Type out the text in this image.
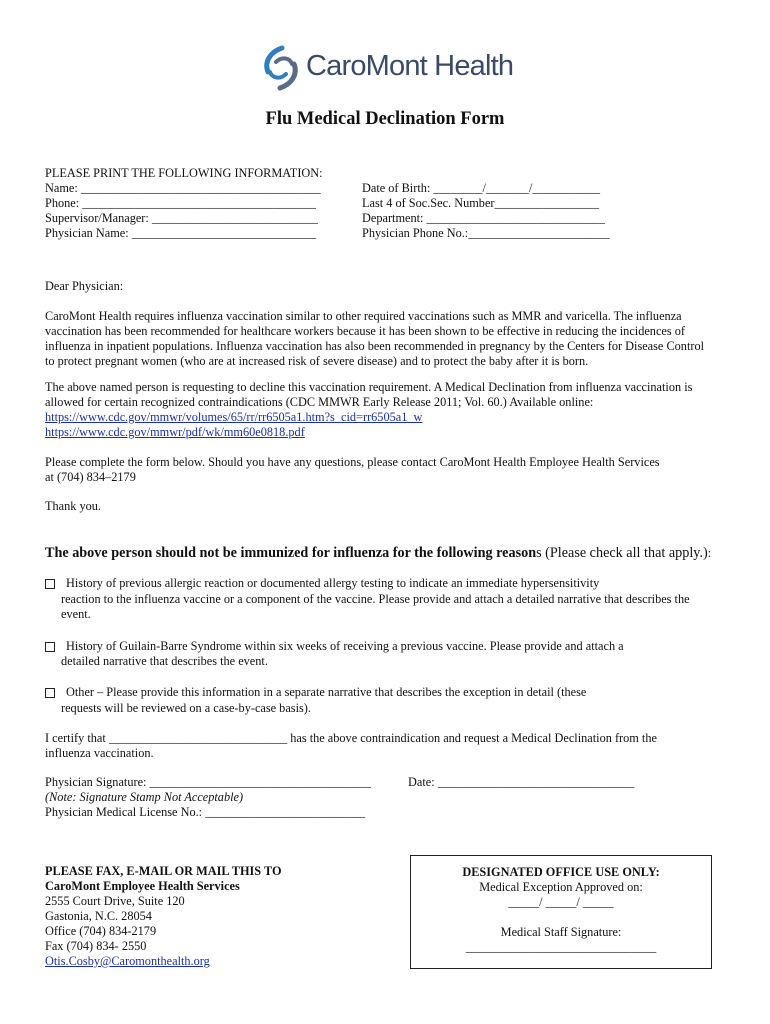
CaroMont Health
Flu Medical Declination Form
PLEASE PRINT THE FOLLOWING INFORMATION:
Name: _______________________________________
Phone: ______________________________________
Supervisor/Manager: ___________________________
Physician Name: ______________________________
Date of Birth: ________/_______/___________
Last 4 of Soc.Sec. Number_________________
Department: _____________________________
Physician Phone No.:_______________________
Dear Physician:
CaroMont Health requires influenza vaccination similar to other required vaccinations such as MMR and varicella. The influenza
vaccination has been recommended for healthcare workers because it has been shown to be effective in reducing the incidences of
influenza in inpatient populations. Influenza vaccination has also been recommended in pregnancy by the Centers for Disease Control
to protect pregnant women (who are at increased risk of severe disease) and to protect the baby after it is born.
The above named person is requesting to decline this vaccination requirement. A Medical Declination from influenza vaccination is
allowed for certain recognized contraindications (CDC MMWR Early Release 2011; Vol. 60.) Available online:
https://www.cdc.gov/mmwr/volumes/65/rr/rr6505a1.htm?s_cid=rr6505a1_w
https://www.cdc.gov/mmwr/pdf/wk/mm60e0818.pdf
Please complete the form below. Should you have any questions, please contact CaroMont Health Employee Health Services
at (704) 834–2179
Thank you.
The above person should not be immunized for influenza for the following reasons (Please check all that apply.):
History of previous allergic reaction or documented allergy testing to indicate an immediate hypersensitivity
reaction to the influenza vaccine or a component of the vaccine. Please provide and attach a detailed narrative that describes the
event.
History of Guilain-Barre Syndrome within six weeks of receiving a previous vaccine. Please provide and attach a
detailed narrative that describes the event.
Other – Please provide this information in a separate narrative that describes the exception in detail (these
requests will be reviewed on a case-by-case basis).
I certify that _____________________________ has the above contraindication and request a Medical Declination from the
influenza vaccination.
Physician Signature: ____________________________________	Date: ________________________________
(Note: Signature Stamp Not Acceptable)
Physician Medical License No.: __________________________
PLEASE FAX, E-MAIL OR MAIL THIS TO
CaroMont Employee Health Services
2555 Court Drive, Suite 120
Gastonia, N.C. 28054
Office (704) 834-2179
Fax (704) 834- 2550
Otis.Cosby@Caromonthealth.org
DESIGNATED OFFICE USE ONLY:
Medical Exception Approved on:
_____/ _____/ _____
Medical Staff Signature:
_______________________________
